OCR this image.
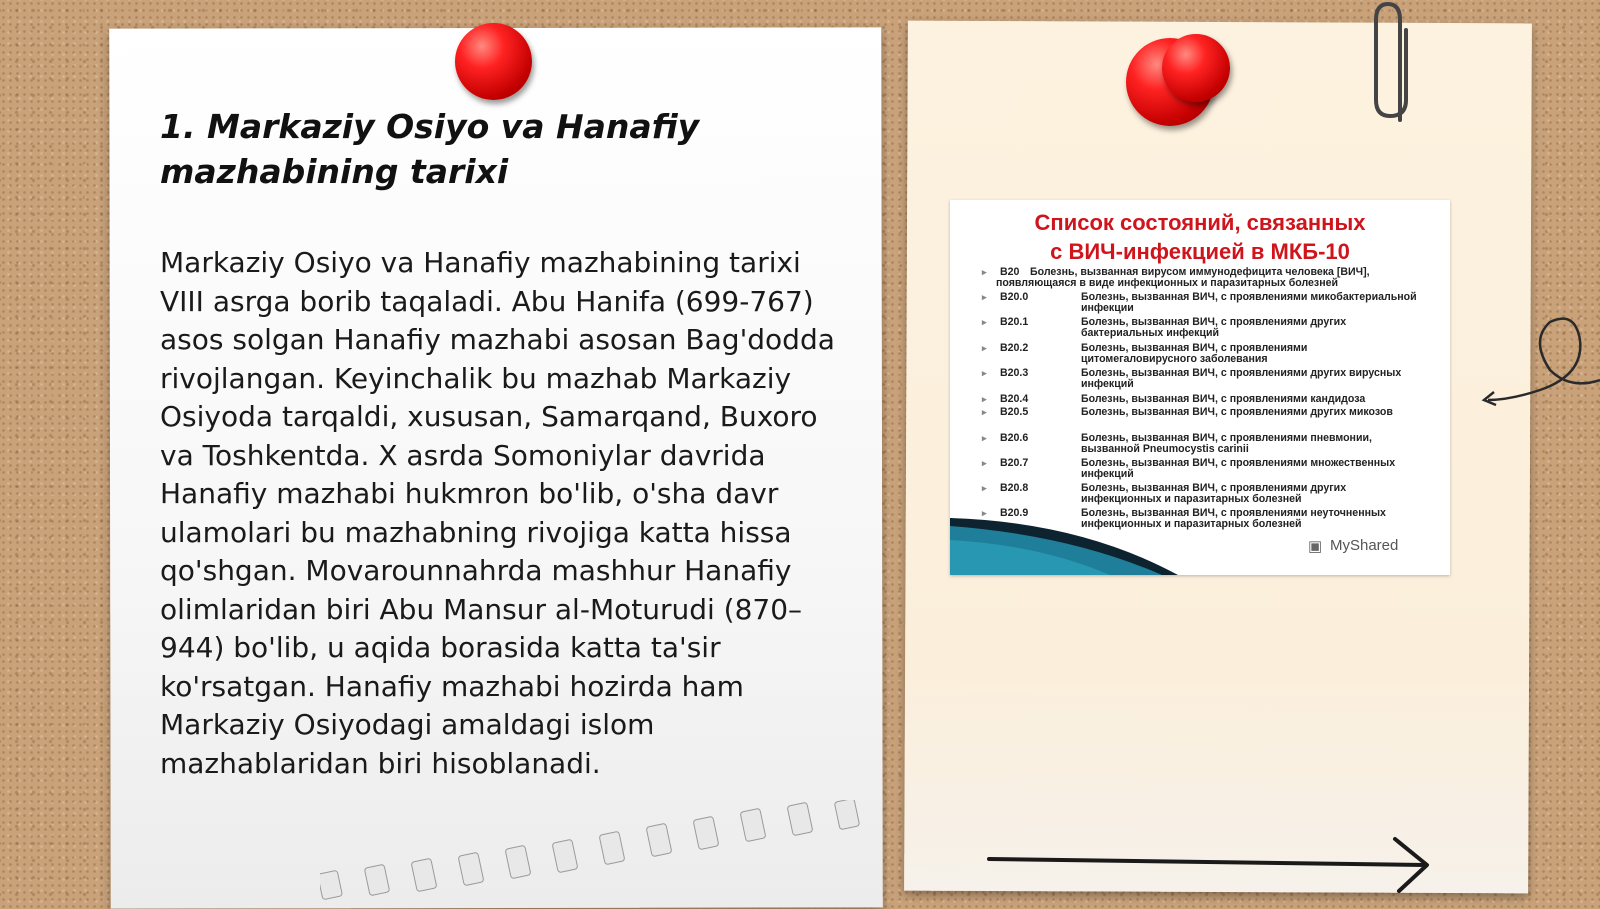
1. Markaziy Osiyo va Hanafiy mazhabining tarixi

Markaziy Osiyo va Hanafiy mazhabining tarixi VIII asrga borib taqaladi. Abu Hanifa (699-767) asos solgan Hanafiy mazhabi asosan Bag'dodda rivojlangan. Keyinchalik bu mazhab Markaziy Osiyoda tarqaldi, xususan, Samarqand, Buxoro va Toshkentda. X asrda Somoniylar davrida Hanafiy mazhabi hukmron bo'lib, o'sha davr ulamolari bu mazhabning rivojiga katta hissa qo'shgan. Movarounnahrda mashhur Hanafiy olimlaridan biri Abu Mansur al-Moturudi (870–944) bo'lib, u aqida borasida katta ta'sir ko'rsatgan. Hanafiy mazhabi hozirda ham Markaziy Osiyodagi amaldagi islom mazhablaridan biri hisoblanadi.

Список состояний, связанных
с ВИЧ-инфекцией в МКБ-10
▸ B20 Болезнь, вызванная вирусом иммунодефицита человека [ВИЧ],
появляющаяся в виде инфекционных и паразитарных болезней
▸ B20.0	Болезнь, вызванная ВИЧ, с проявлениями микобактериальной инфекции
▸ B20.1	Болезнь, вызванная ВИЧ, с проявлениями других бактериальных инфекций
▸ B20.2	Болезнь, вызванная ВИЧ, с проявлениями цитомегаловирусного заболевания
▸ B20.3	Болезнь, вызванная ВИЧ, с проявлениями других вирусных инфекций
▸ B20.4	Болезнь, вызванная ВИЧ, с проявлениями кандидоза
▸ B20.5	Болезнь, вызванная ВИЧ, с проявлениями других микозов
▸ B20.6	Болезнь, вызванная ВИЧ, с проявлениями пневмонии, вызванной Pneumocystis carinii
▸ B20.7	Болезнь, вызванная ВИЧ, с проявлениями множественных инфекций
▸ B20.8	Болезнь, вызванная ВИЧ, с проявлениями других инфекционных и паразитарных болезней
▸ B20.9	Болезнь, вызванная ВИЧ, с проявлениями неуточненных инфекционных и паразитарных болезней
▣ MyShared
